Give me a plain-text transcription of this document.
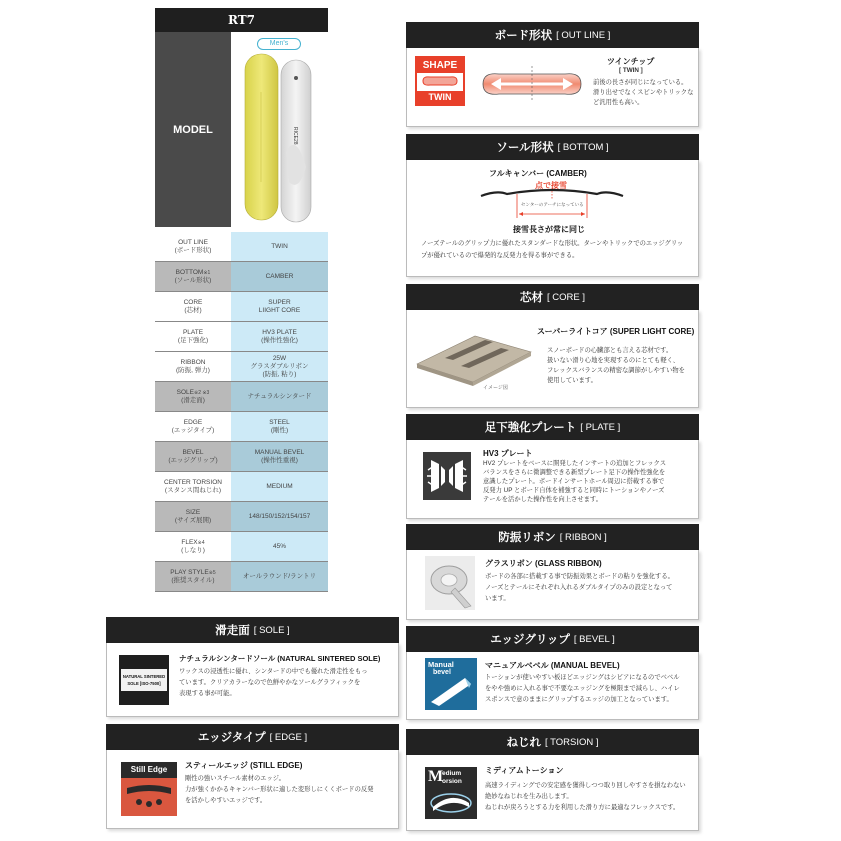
RT7
MODEL
Men's
RICE28
OUT LINE
(ボード形状)
TWIN
BOTTOM$^{※1}$
(ソール形状)
CAMBER
CORE
(芯材)
SUPER
LIIGHT CORE
PLATE
(足下強化)
HV3 PLATE
(操作性強化)
RIBBON
(防振, 弾力)
25W
グラスダブルリボン
(防振, 粘り)
$SOLE^{※2 ※3}$
(滑走面)
ナチュラルシンタード
EDGE
(エッジタイプ)
STEEL
(剛性)
BEVEL
(エッジグリップ)
MANUAL BEVEL
(操作性重視)
CENTER TORSION
(スタンス間ねじれ)
MEDIUM
SIZE
(サイズ展開)
148/150/152/154/157
FLEX$^{※4}$
(しなり)
45%
PLAY STYLE$^{※5}$
(推奨スタイル)
オールラウンド/ラントリ
ボード形状 [ OUT LINE ]
SHAPE
TWIN
ツインチップ
[ TWIN ]
前後の長さが同じになっている。
滑り出せでなくスピンやトリックな
ど汎用性も高い。
ソール形状 [ BOTTOM ]
フルキャンバー (CAMBER)
点で接雪
センターのアーチになっている
接雪長さが常に同じ
ノーズテールのグリップ力に優れたスタンダードな形状。ターンやトリックでのエッジグリッ
プが優れているので爆発的な反発力を得る事ができる。
芯材 [ CORE ]
イメージ図
スーパーライトコア (SUPER LIGHT CORE)
スノーボードの心臓部とも言える芯材です。
扱いない滑り心地を実現するのにとても軽く、
フレックスバランスの精密な調節がしやすい物を
使用しています。
足下強化プレート [ PLATE ]
HV3 プレート
HV2 プレートをベースに開発したインサートの追加とフレックス
バランスをさらに微調整できる新型プレート足下の操作性強化を
意識したプレート。ボードインサートホール周辺に搭載する事で
反発力 UP とボード自体を補強すると同時にトーションやノーズ
テールを活かした操作性を向上させます。
防振リボン [ RIBBON ]
グラスリボン (GLASS RIBBON)
ボードの各部に搭載する事で防振効果とボードの粘りを強化する。
ノーズとテールにそれぞれ入れるダブルタイプのみの設定となって
います。
滑走面 [ SOLE ]
NATURAL SINTERED
SOLE [ISO-7500]
ナチュラルシンタードソール (NATURAL SINTERED SOLE)
ワックスの浸透性に優れ、シンタードの中でも優れた滑走性をもっ
ています。クリアカラーなので色鮮やかなソールグラフィックを
表現する事が可能。
エッジグリップ [ BEVEL ]
Manual
bevel
マニュアルベベル (MANUAL BEVEL)
トーションが使いやすい板ほどエッジングはシビアになるのでベベル
をやや強めに入れる事で不要なエッジングを極限まで減らし、ハイレ
スポンスで意のままにグリップするエッジの加工となっています。
エッジタイプ [ EDGE ]
Still Edge	スティールエッジ (STILL EDGE)
剛性の強いスチール素材のエッジ。
力が強くかかるキャンバー形状に適した変形しにくくボードの反発
を活かしやすいエッジです。
ねじれ [ TORSION ]
M
edium
orsion
ミディアムトーション
高速ライディングでの安定感を獲得しつつ取り回しやすさを損なわない
絶妙なねじれを生み出します。
ねじれが戻ろうとする力を利用した滑り方に最適なフレックスです。
